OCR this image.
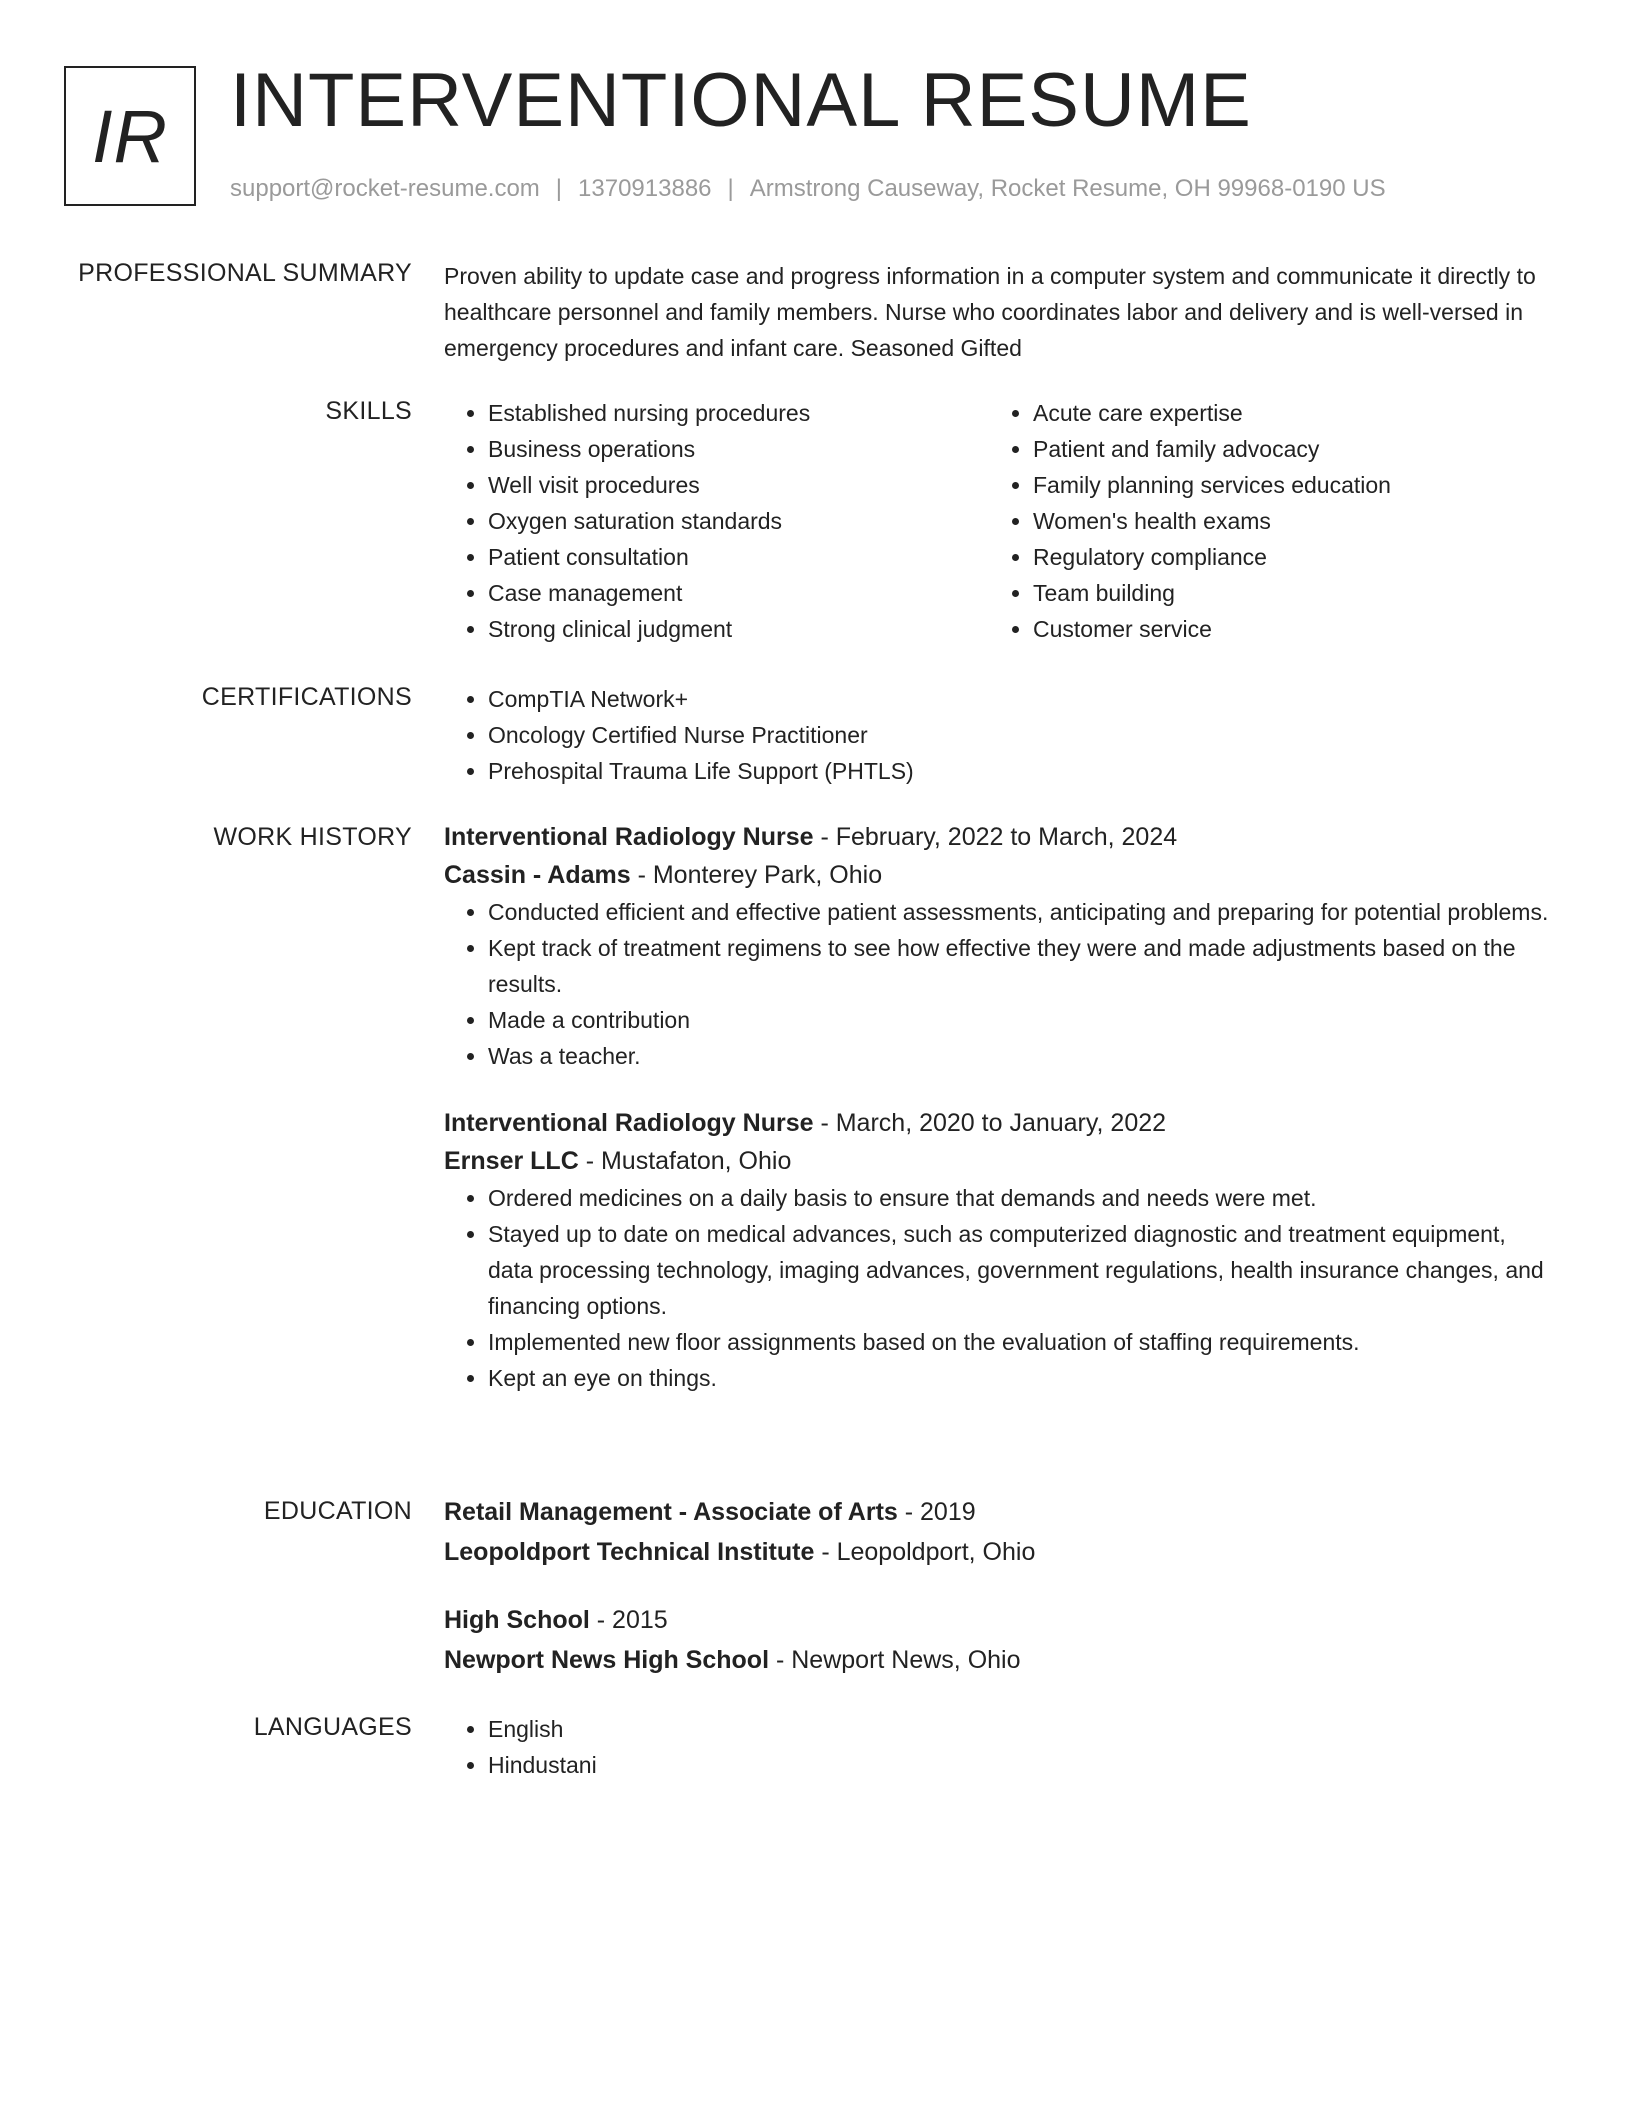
IR INTERVENTIONAL RESUME
support@rocket-resume.com | 1370913886 | Armstrong Causeway, Rocket Resume, OH 99968-0190 US
PROFESSIONAL SUMMARY Proven ability to update case and progress information in a computer system and communicate it directly to healthcare personnel and family members. Nurse who coordinates labor and delivery and is well-versed in emergency procedures and infant care. Seasoned Gifted
SKILLS	• Established nursing procedures
• Business operations
• Well visit procedures
• Oxygen saturation standards
• Patient consultation
• Case management
• Strong clinical judgment
• Acute care expertise
• Patient and family advocacy
• Family planning services education
• Women's health exams
• Regulatory compliance
• Team building
• Customer service
CERTIFICATIONS	• CompTIA Network+
• Oncology Certified Nurse Practitioner
• Prehospital Trauma Life Support (PHTLS)
WORK HISTORY Interventional Radiology Nurse - February, 2022 to March, 2024
Cassin - Adams - Monterey Park, Ohio
• Conducted efficient and effective patient assessments, anticipating and preparing for potential problems.
• Kept track of treatment regimens to see how effective they were and made adjustments based on the results.
• Made a contribution
• Was a teacher.
Interventional Radiology Nurse - March, 2020 to January, 2022
Ernser LLC - Mustafaton, Ohio
• Ordered medicines on a daily basis to ensure that demands and needs were met.
• Stayed up to date on medical advances, such as computerized diagnostic and treatment equipment, data processing technology, imaging advances, government regulations, health insurance changes, and financing options.
• Implemented new floor assignments based on the evaluation of staffing requirements.
• Kept an eye on things.
EDUCATION Retail Management - Associate of Arts - 2019
Leopoldport Technical Institute - Leopoldport, Ohio
High School - 2015
Newport News High School - Newport News, Ohio
LANGUAGES	• English
• Hindustani
